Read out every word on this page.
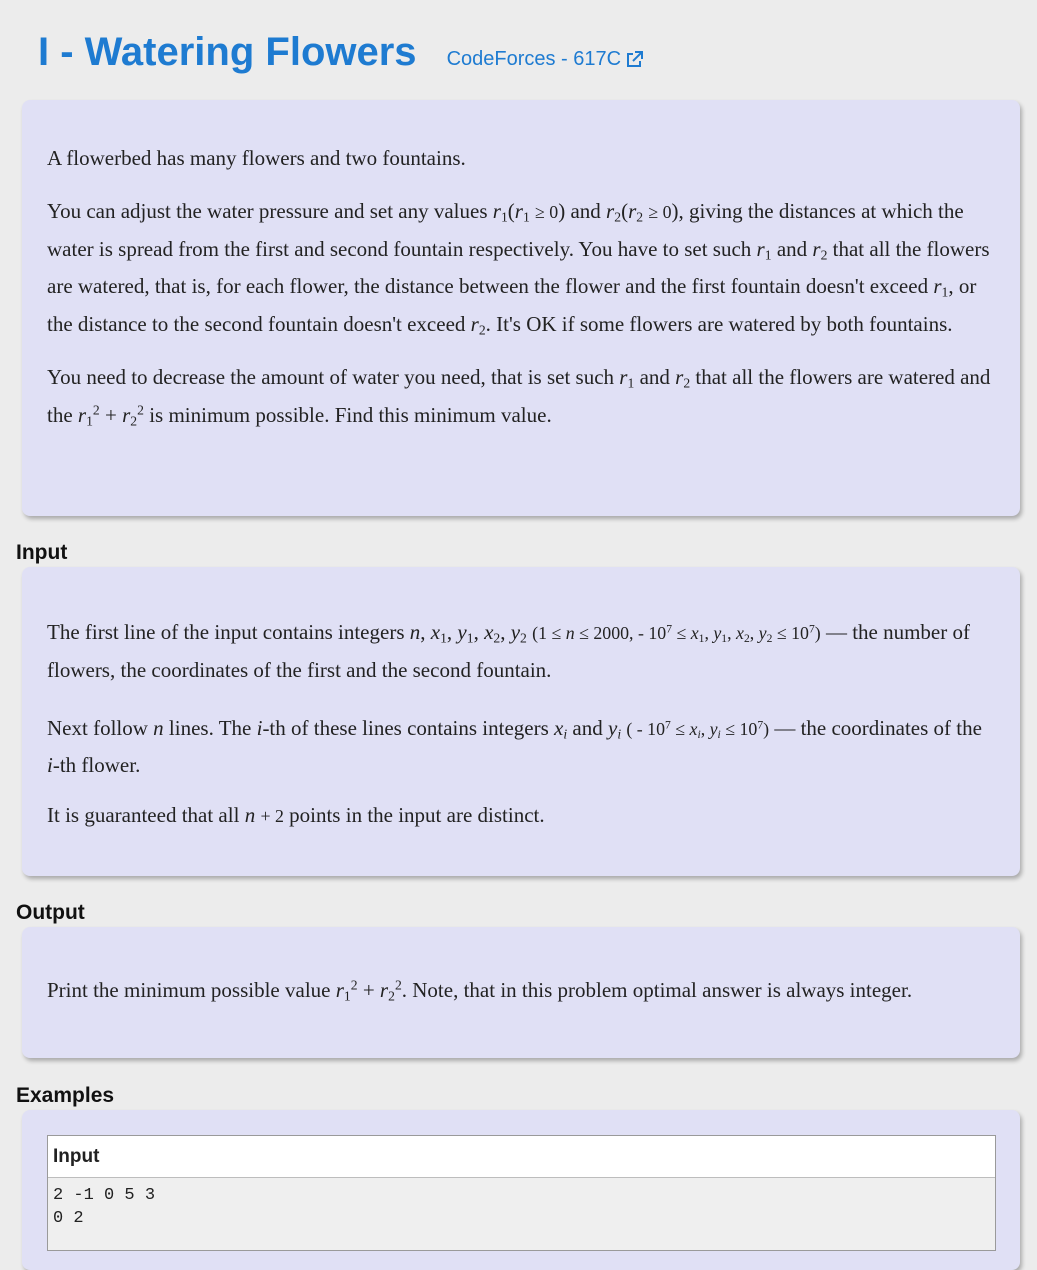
I - Watering Flowers CodeForces - 617C

A flowerbed has many flowers and two fountains.

You can adjust the water pressure and set any values $r_1(r_1 \ge 0)$ and $r_2(r_2 \ge 0)$, giving the distances at which the water is spread from the first and second fountain respectively. You have to set such $r_1$ and $r_2$ that all the flowers are watered, that is, for each flower, the distance between the flower and the first fountain doesn't exceed $r_1$, or the distance to the second fountain doesn't exceed $r_2$. It's OK if some flowers are watered by both fountains.

You need to decrease the amount of water you need, that is set such $r_1$ and $r_2$ that all the flowers are watered and the $r_1^2 + r_2^2$ is minimum possible. Find this minimum value.

Input

The first line of the input contains integers n, $x_1$, $y_1$, $x_2$, $y_2$ (1 ≤ n ≤ 2000, - $10^7 \le x_1$, $y_1$, $x_2$, $y_2 \le 10^7$) — the number of flowers, the coordinates of the first and the second fountain.

Next follow n lines. The i-th of these lines contains integers $x_i$ and $y_i$ ( - $10^7 \le x_i$, $y_i \le 10^7$) — the coordinates of the i-th flower.

It is guaranteed that all n + 2 points in the input are distinct.

Output

Print the minimum possible value $r_1^2 + r_2^2$. Note, that in this problem optimal answer is always integer.

Examples
Input
2 -1 0 5 3
0 2
